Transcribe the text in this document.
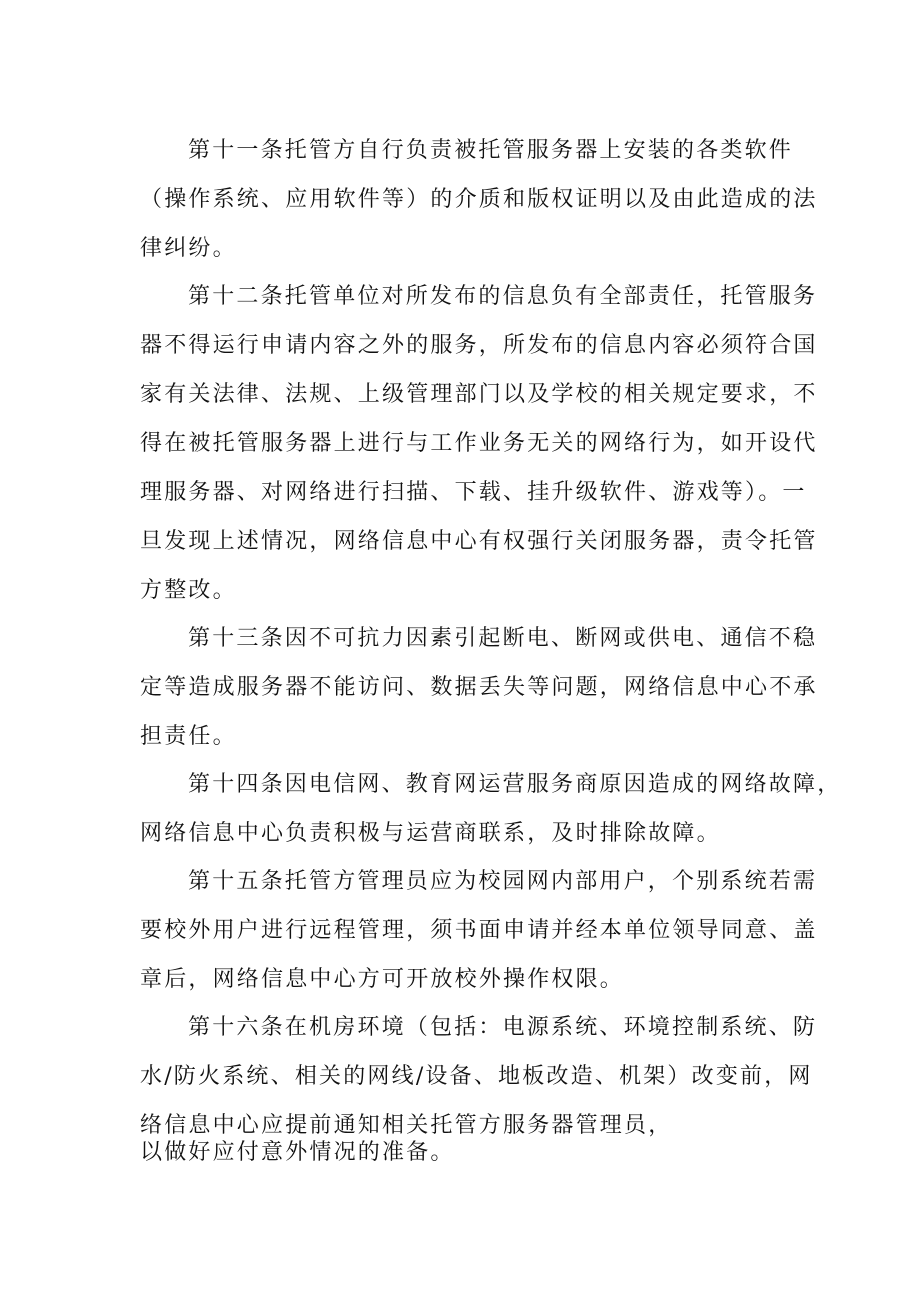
第十一条托管方自行负责被托管服务器上安装的各类软件
（操作系统、应用软件等）的介质和版权证明以及由此造成的法
律纠纷。

第十二条托管单位对所发布的信息负有全部责任，托管服务
器不得运行申请内容之外的服务，所发布的信息内容必须符合国
家有关法律、法规、上级管理部门以及学校的相关规定要求，不
得在被托管服务器上进行与工作业务无关的网络行为，如开设代
理服务器、对网络进行扫描、下载、挂升级软件、游戏等）。一
旦发现上述情况，网络信息中心有权强行关闭服务器，责令托管
方整改。

第十三条因不可抗力因素引起断电、断网或供电、通信不稳
定等造成服务器不能访问、数据丢失等问题，网络信息中心不承
担责任。

第十四条因电信网、教育网运营服务商原因造成的网络故障，
网络信息中心负责积极与运营商联系，及时排除故障。

第十五条托管方管理员应为校园网内部用户，个别系统若需
要校外用户进行远程管理，须书面申请并经本单位领导同意、盖
章后，网络信息中心方可开放校外操作权限。

第十六条在机房环境（包括：电源系统、环境控制系统、防
水/防火系统、相关的网线/设备、地板改造、机架）改变前，网
络信息中心应提前通知相关托管方服务器管理员，
以做好应付意外情况的准备。
